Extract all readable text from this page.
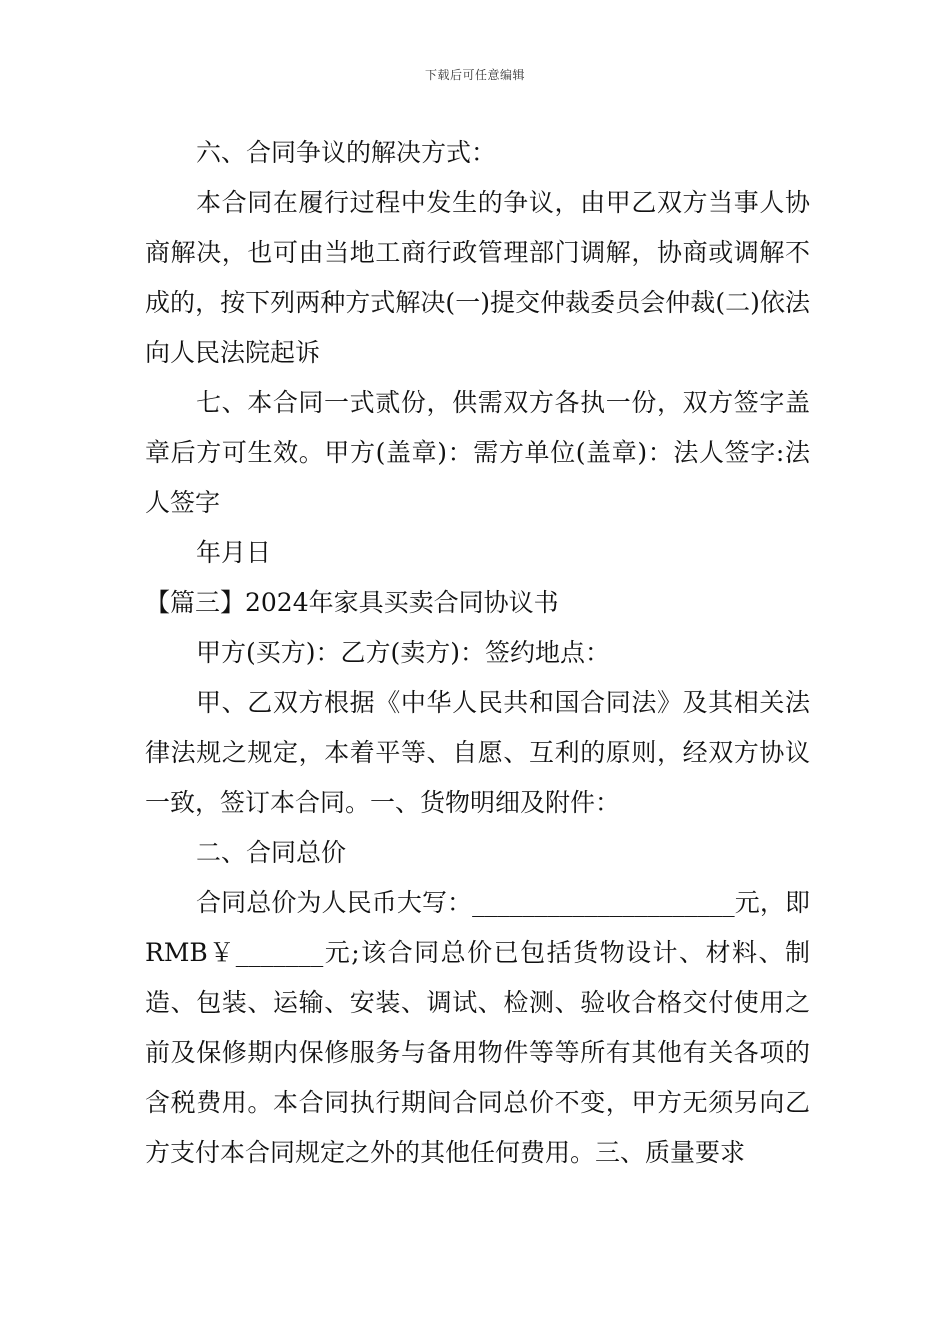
下载后可任意编辑

六、合同争议的解决方式：

本合同在履行过程中发生的争议，由甲乙双方当事人协商解决，也可由当地工商行政管理部门调解，协商或调解不成的，按下列两种方式解决(一)提交仲裁委员会仲裁(二)依法向人民法院起诉

七、本合同一式贰份，供需双方各执一份，双方签字盖章后方可生效。甲方(盖章)：需方单位(盖章)：法人签字:法人签字

年月日

【篇三】2024年家具买卖合同协议书

甲方(买方)：乙方(卖方)：签约地点：

甲、乙双方根据《中华人民共和国合同法》及其相关法律法规之规定，本着平等、自愿、互利的原则，经双方协议一致，签订本合同。一、货物明细及附件：

二、合同总价

合同总价为人民币大写：_____________________元，即RMB￥_______元;该合同总价已包括货物设计、材料、制造、包装、运输、安装、调试、检测、验收合格交付使用之前及保修期内保修服务与备用物件等等所有其他有关各项的含税费用。本合同执行期间合同总价不变，甲方无须另向乙方支付本合同规定之外的其他任何费用。三、质量要求
